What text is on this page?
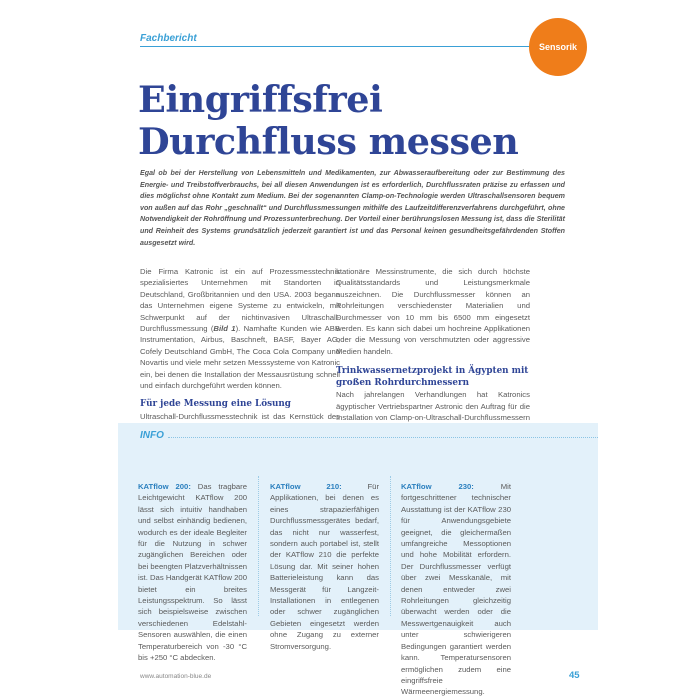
Fachbericht
Sensorik
Eingriffsfrei Durchfluss messen

Egal ob bei der Herstellung von Lebensmitteln und Medikamenten, zur Abwasseraufbereitung oder zur Bestimmung des Energie- und Treibstoffverbrauchs, bei all diesen Anwendungen ist es erforderlich, Durchflussraten präzise zu erfassen und dies möglichst ohne Kontakt zum Medium. Bei der sogenannten Clamp-on-Technologie werden Ultraschallsensoren bequem von außen auf das Rohr „geschnallt“ und Durchflussmessungen mithilfe des Laufzeitdifferenzverfahrens durchgeführt, ohne Notwendigkeit der Rohröffnung und Prozessunterbrechung. Der Vorteil einer berührungslosen Messung ist, dass die Sterilität und Reinheit des Systems grundsätzlich jederzeit garantiert ist und das Personal keinen gesundheitsgefährdenden Stoffen ausgesetzt wird.

Die Firma Katronic ist ein auf Prozessmesstechnik spezialisiertes Unternehmen mit Standorten in Deutschland, Großbritannien und den USA. 2003 begann das Unternehmen eigene Systeme zu entwickeln, mit Schwerpunkt auf der nichtinvasiven Ultraschall-Durchflussmessung (Bild 1). Namhafte Kunden wie ABB Instrumentation, Airbus, Baschneft, BASF, Bayer AG, Cofely Deutschland GmbH, The Coca Cola Company und Novartis und viele mehr setzen Messsysteme von Katronic ein, bei denen die Installation der Messausrüstung schnell und einfach durchgeführt werden können.

Für jede Messung eine Lösung

Ultraschall-Durchflussmesstechnik ist das Kernstück des

stationäre Messinstrumente, die sich durch höchste Qualitätsstandards und Leistungsmerkmale auszeichnen. Die Durchflussmesser können an Rohrleitungen verschiedenster Materialien und Durchmesser von 10 mm bis 6500 mm eingesetzt werden. Es kann sich dabei um hochreine Applikationen oder die Messung von verschmutzten oder aggressive Medien handeln.

Trinkwassernetzprojekt in Ägypten mit großen Rohrdurchmessern

Nach jahrelangen Verhandlungen hat Katronics ägyptischer Vertriebspartner Astronic den Auftrag für die Installation von Clamp-on-Ultraschall-Durchflussmessern

INFO

KATflow 200: Das tragbare Leichtgewicht KATflow 200 lässt sich intuitiv handhaben und selbst einhändig bedienen, wodurch es der ideale Begleiter für die Nutzung in schwer zugänglichen Bereichen oder bei beengten Platzverhältnissen ist. Das Handgerät KATflow 200 bietet ein breites Leistungsspektrum. So lässt sich beispielsweise zwischen verschiedenen Edelstahl-Sensoren auswählen, die einen Temperaturbereich von -30 °C bis +250 °C abdecken.

KATflow 210: Für Applikationen, bei denen es eines strapazierfähigen Durchflussmessgerätes bedarf, das nicht nur wasserfest, sondern auch portabel ist, stellt der KATflow 210 die perfekte Lösung dar. Mit seiner hohen Batterieleistung kann das Messgerät für Langzeit-Installationen in entlegenen oder schwer zugänglichen Gebieten eingesetzt werden ohne Zugang zu externer Stromversorgung.

KATflow 230: Mit fortgeschrittener technischer Ausstattung ist der KATflow 230 für Anwendungsgebiete geeignet, die gleichermaßen umfangreiche Messoptionen und hohe Mobilität erfordern. Der Durchflussmesser verfügt über zwei Messkanäle, mit denen entweder zwei Rohrleitungen gleichzeitig überwacht werden oder die Messwertgenauigkeit auch unter schwierigeren Bedingungen garantiert werden kann. Temperatursensoren ermöglichen zudem eine eingriffsfreie Wärmeenergiemessung.

www.automation-blue.de	45
